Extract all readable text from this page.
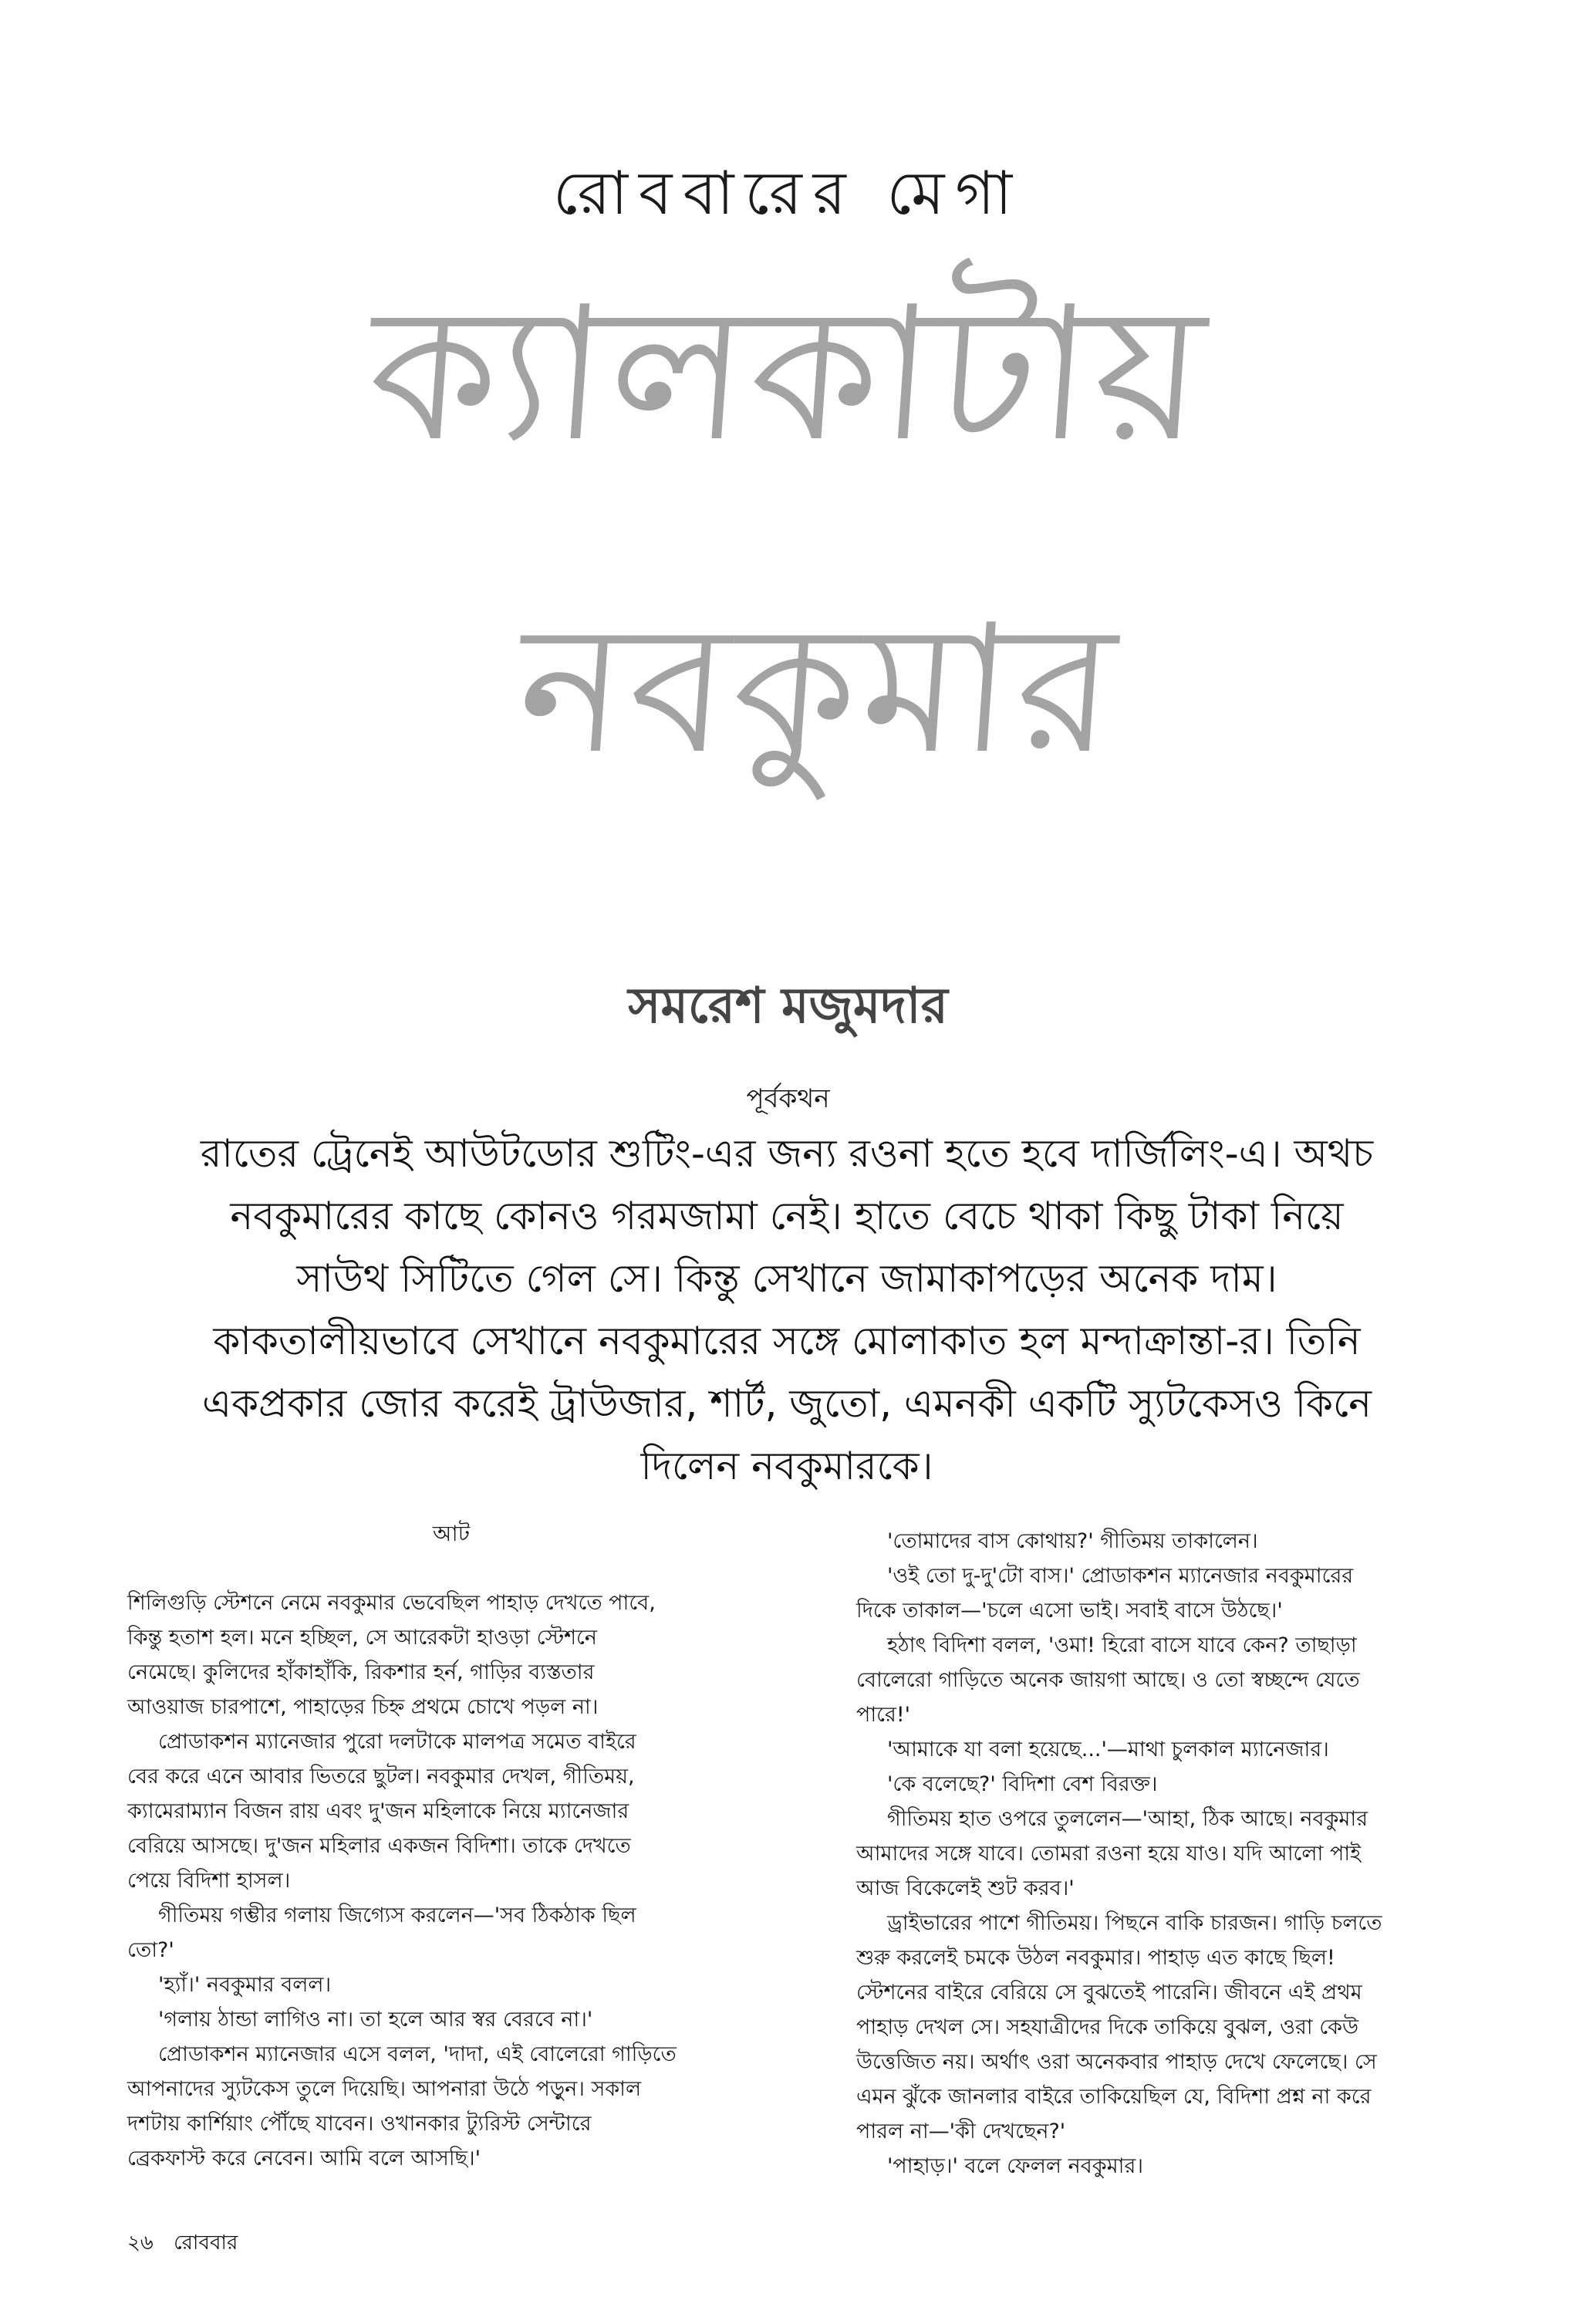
রোববারের মেগা
ক্যালকাটায়
নবকুমার
সমরেশ মজুমদার
পূর্বকথন
রাতের ট্রেনেই আউটডোর শুটিং-এর জন্য রওনা হতে হবে দার্জিলিং-এ। অথচ
নবকুমারের কাছে কোনও গরমজামা নেই। হাতে বেচে থাকা কিছু টাকা নিয়ে
সাউথ সিটিতে গেল সে। কিন্তু সেখানে জামাকাপড়ের অনেক দাম।
কাকতালীয়ভাবে সেখানে নবকুমারের সঙ্গে মোলাকাত হল মন্দাক্রান্তা-র। তিনি
একপ্রকার জোর করেই ট্রাউজার, শার্ট, জুতো, এমনকী একটি স্যুটকেসও কিনে
দিলেন নবকুমারকে।
আট
শিলিগুড়ি স্টেশনে নেমে নবকুমার ভেবেছিল পাহাড় দেখতে পাবে,
কিন্তু হতাশ হল। মনে হচ্ছিল, সে আরেকটা হাওড়া স্টেশনে
নেমেছে। কুলিদের হাঁকাহাঁকি, রিকশার হর্ন, গাড়ির ব্যস্ততার
আওয়াজ চারপাশে, পাহাড়ের চিহ্ন প্রথমে চোখে পড়ল না।
প্রোডাকশন ম্যানেজার পুরো দলটাকে মালপত্র সমেত বাইরে
বের করে এনে আবার ভিতরে ছুটল। নবকুমার দেখল, গীতিময়,
ক্যামেরাম্যান বিজন রায় এবং দু'জন মহিলাকে নিয়ে ম্যানেজার
বেরিয়ে আসছে। দু'জন মহিলার একজন বিদিশা। তাকে দেখতে
পেয়ে বিদিশা হাসল।
গীতিময় গম্ভীর গলায় জিগ্যেস করলেন—'সব ঠিকঠাক ছিল
তো?'
'হ্যাঁ।' নবকুমার বলল।
'গলায় ঠান্ডা লাগিও না। তা হলে আর স্বর বেরবে না।'
প্রোডাকশন ম্যানেজার এসে বলল, 'দাদা, এই বোলেরো গাড়িতে
আপনাদের স্যুটকেস তুলে দিয়েছি। আপনারা উঠে পড়ুন। সকাল
দশটায় কার্শিয়াং পৌঁছে যাবেন। ওখানকার ট্যুরিস্ট সেন্টারে
ব্রেকফাস্ট করে নেবেন। আমি বলে আসছি।'
'তোমাদের বাস কোথায়?' গীতিময় তাকালেন।
'ওই তো দু-দু'টো বাস।' প্রোডাকশন ম্যানেজার নবকুমারের
দিকে তাকাল—'চলে এসো ভাই। সবাই বাসে উঠছে।'
হঠাৎ বিদিশা বলল, 'ওমা! হিরো বাসে যাবে কেন? তাছাড়া
বোলেরো গাড়িতে অনেক জায়গা আছে। ও তো স্বচ্ছন্দে যেতে
পারে!'
'আমাকে যা বলা হয়েছে...'—মাথা চুলকাল ম্যানেজার।
'কে বলেছে?' বিদিশা বেশ বিরক্ত।
গীতিময় হাত ওপরে তুললেন—'আহা, ঠিক আছে। নবকুমার
আমাদের সঙ্গে যাবে। তোমরা রওনা হয়ে যাও। যদি আলো পাই
আজ বিকেলেই শুট করব।'
ড্রাইভারের পাশে গীতিময়। পিছনে বাকি চারজন। গাড়ি চলতে
শুরু করলেই চমকে উঠল নবকুমার। পাহাড় এত কাছে ছিল!
স্টেশনের বাইরে বেরিয়ে সে বুঝতেই পারেনি। জীবনে এই প্রথম
পাহাড় দেখল সে। সহযাত্রীদের দিকে তাকিয়ে বুঝল, ওরা কেউ
উত্তেজিত নয়। অর্থাৎ ওরা অনেকবার পাহাড় দেখে ফেলেছে। সে
এমন ঝুঁকে জানলার বাইরে তাকিয়েছিল যে, বিদিশা প্রশ্ন না করে
পারল না—'কী দেখছেন?'
'পাহাড়।' বলে ফেলল নবকুমার।
২৬ রোববার
